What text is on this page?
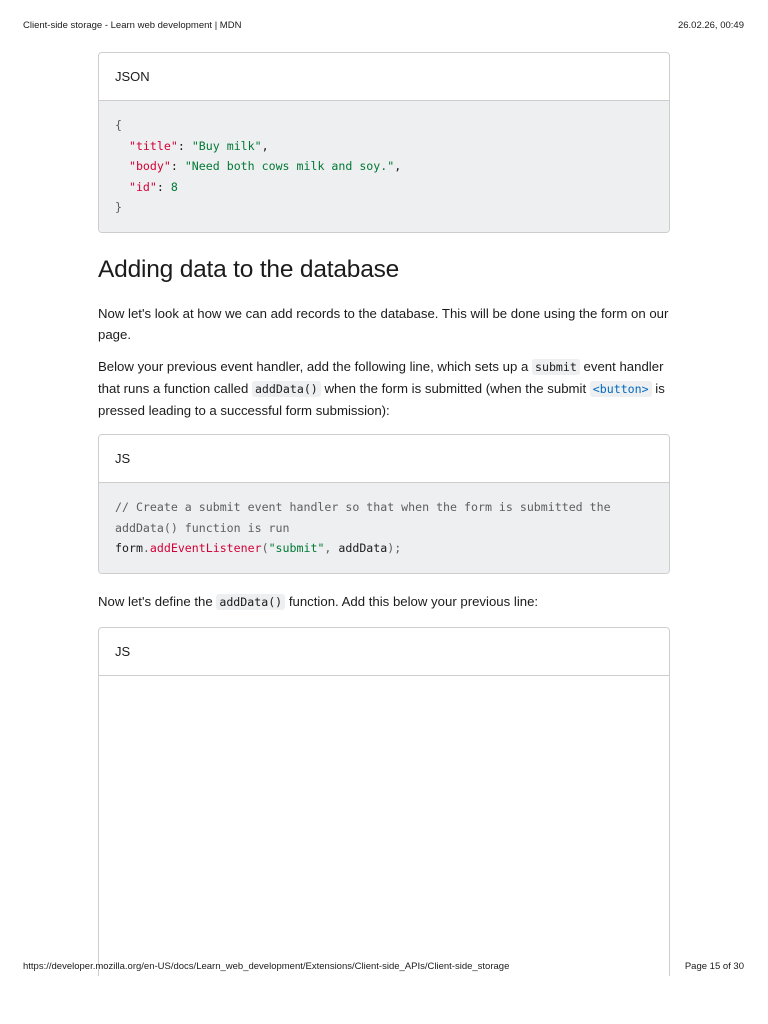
Client-side storage - Learn web development | MDN	26.02.26, 00:49
JSON
{
"title": "Buy milk",
"body": "Need both cows milk and soy.",
"id": 8
}
Adding data to the database

Now let's look at how we can add records to the database. This will be done using the form on our page.

Below your previous event handler, add the following line, which sets up a submit event handler that runs a function called addData() when the form is submitted (when the submit <button> is pressed leading to a successful form submission):

JS
// Create a submit event handler so that when the form is submitted the
addData() function is run
form.addEventListener("submit", addData);

Now let's define the addData() function. Add this below your previous line:

JS
https://developer.mozilla.org/en-US/docs/Learn_web_development/Extensions/Client-side_APIs/Client-side_storage	Page 15 of 30
